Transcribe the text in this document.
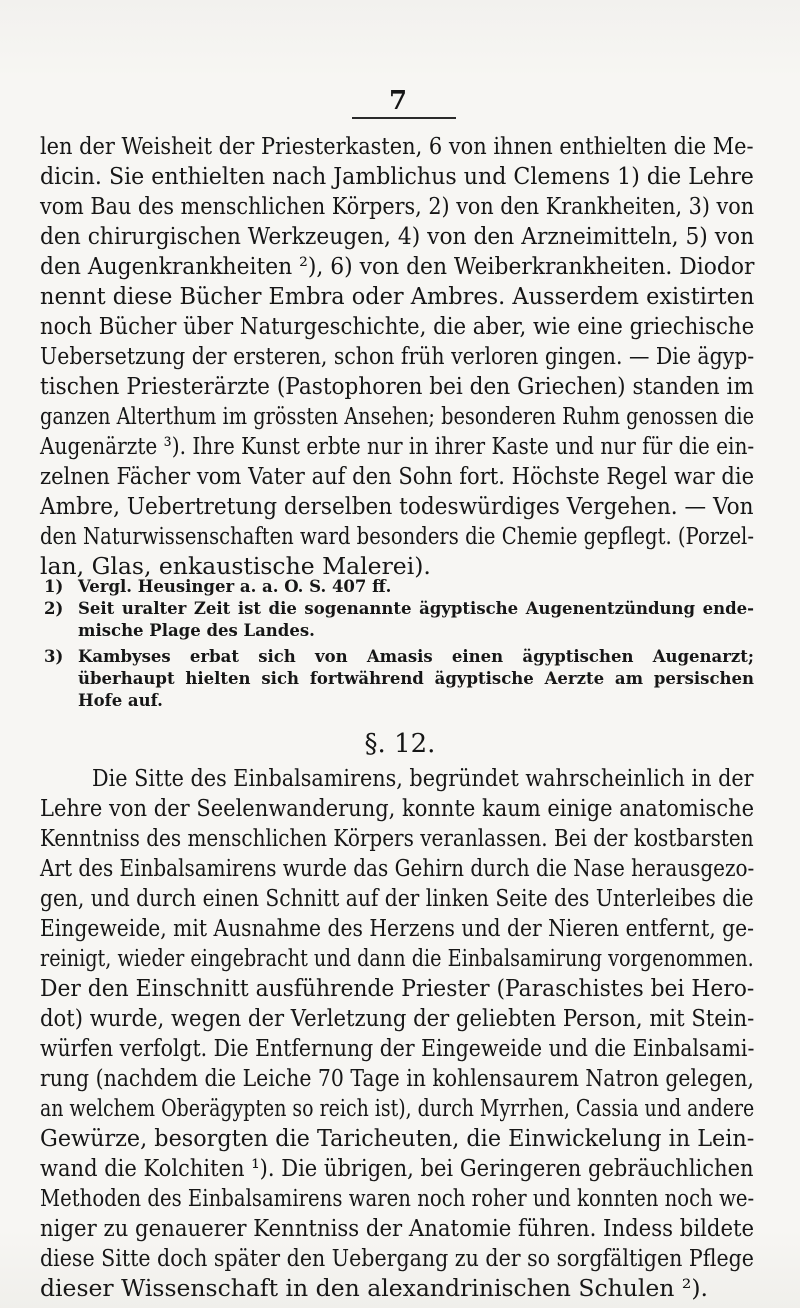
7
len der Weisheit der Priesterkasten, 6 von ihnen enthielten die Me-
dicin. Sie enthielten nach Jamblichus und Clemens 1) die Lehre
vom Bau des menschlichen Körpers, 2) von den Krankheiten, 3) von
den chirurgischen Werkzeugen, 4) von den Arzneimitteln, 5) von
den Augenkrankheiten ²), 6) von den Weiberkrankheiten. Diodor
nennt diese Bücher Embra oder Ambres. Ausserdem existirten
noch Bücher über Naturgeschichte, die aber, wie eine griechische
Uebersetzung der ersteren, schon früh verloren gingen. — Die ägyp-
tischen Priesterärzte (Pastophoren bei den Griechen) standen im
ganzen Alterthum im grössten Ansehen; besonderen Ruhm genossen die
Augenärzte ³). Ihre Kunst erbte nur in ihrer Kaste und nur für die ein-
zelnen Fächer vom Vater auf den Sohn fort. Höchste Regel war die
Ambre, Uebertretung derselben todeswürdiges Vergehen. — Von
den Naturwissenschaften ward besonders die Chemie gepflegt. (Porzel-
lan, Glas, enkaustische Malerei).
1) Vergl. Heusinger a. a. O. S. 407 ff.
2) Seit uralter Zeit ist die sogenannte ägyptische Augenentzündung ende-
mische Plage des Landes.
3) Kambyses erbat sich von Amasis einen ägyptischen Augenarzt;
überhaupt hielten sich fortwährend ägyptische Aerzte am persischen
Hofe auf.
§. 12.
Die Sitte des Einbalsamirens, begründet wahrscheinlich in der
Lehre von der Seelenwanderung, konnte kaum einige anatomische
Kenntniss des menschlichen Körpers veranlassen. Bei der kostbarsten
Art des Einbalsamirens wurde das Gehirn durch die Nase herausgezo-
gen, und durch einen Schnitt auf der linken Seite des Unterleibes die
Eingeweide, mit Ausnahme des Herzens und der Nieren entfernt, ge-
reinigt, wieder eingebracht und dann die Einbalsamirung vorgenommen.
Der den Einschnitt ausführende Priester (Paraschistes bei Hero-
dot) wurde, wegen der Verletzung der geliebten Person, mit Stein-
würfen verfolgt. Die Entfernung der Eingeweide und die Einbalsami-
rung (nachdem die Leiche 70 Tage in kohlensaurem Natron gelegen,
an welchem Oberägypten so reich ist), durch Myrrhen, Cassia und andere
Gewürze, besorgten die Taricheuten, die Einwickelung in Lein-
wand die Kolchiten ¹). Die übrigen, bei Geringeren gebräuchlichen
Methoden des Einbalsamirens waren noch roher und konnten noch we-
niger zu genauerer Kenntniss der Anatomie führen. Indess bildete
diese Sitte doch später den Uebergang zu der so sorgfältigen Pflege
dieser Wissenschaft in den alexandrinischen Schulen ²).
